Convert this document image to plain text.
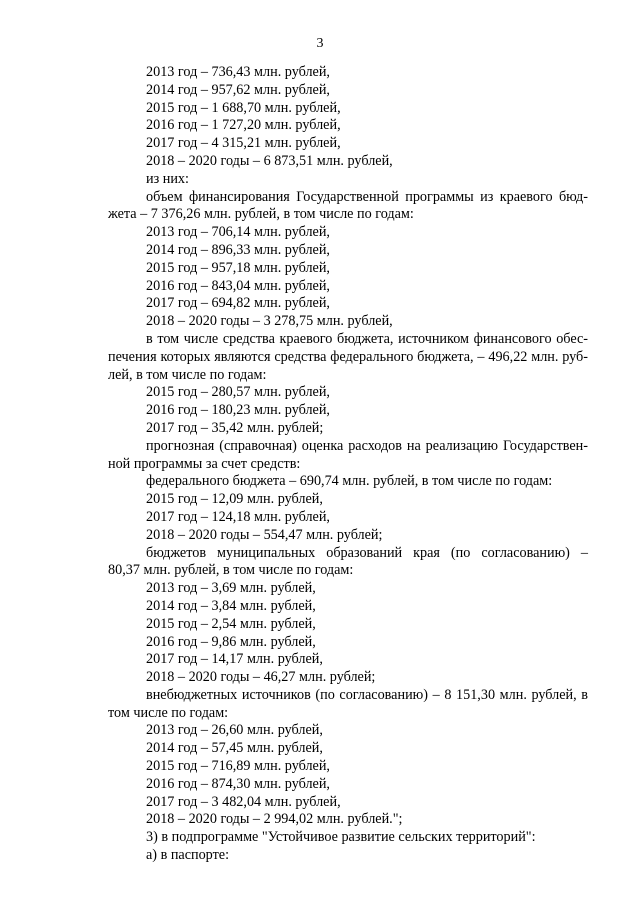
3
2013 год – 736,43 млн. рублей,
2014 год – 957,62 млн. рублей,
2015 год – 1 688,70 млн. рублей,
2016 год – 1 727,20 млн. рублей,
2017 год – 4 315,21 млн. рублей,
2018 – 2020 годы – 6 873,51 млн. рублей,
из них:
объем финансирования Государственной программы из краевого бюд-
жета – 7 376,26 млн. рублей, в том числе по годам:
2013 год – 706,14 млн. рублей,
2014 год – 896,33 млн. рублей,
2015 год – 957,18 млн. рублей,
2016 год – 843,04 млн. рублей,
2017 год – 694,82 млн. рублей,
2018 – 2020 годы – 3 278,75 млн. рублей,
в том числе средства краевого бюджета, источником финансового обес-
печения которых являются средства федерального бюджета, – 496,22 млн. руб-
лей, в том числе по годам:
2015 год – 280,57 млн. рублей,
2016 год – 180,23 млн. рублей,
2017 год – 35,42 млн. рублей;
прогнозная (справочная) оценка расходов на реализацию Государствен-
ной программы за счет средств:
федерального бюджета – 690,74 млн. рублей, в том числе по годам:
2015 год – 12,09 млн. рублей,
2017 год – 124,18 млн. рублей,
2018 – 2020 годы – 554,47 млн. рублей;
бюджетов муниципальных образований края (по согласованию) –
80,37 млн. рублей, в том числе по годам:
2013 год – 3,69 млн. рублей,
2014 год – 3,84 млн. рублей,
2015 год – 2,54 млн. рублей,
2016 год – 9,86 млн. рублей,
2017 год – 14,17 млн. рублей,
2018 – 2020 годы – 46,27 млн. рублей;
внебюджетных источников (по согласованию) – 8 151,30 млн. рублей, в
том числе по годам:
2013 год – 26,60 млн. рублей,
2014 год – 57,45 млн. рублей,
2015 год – 716,89 млн. рублей,
2016 год – 874,30 млн. рублей,
2017 год – 3 482,04 млн. рублей,
2018 – 2020 годы – 2 994,02 млн. рублей.";
3) в подпрограмме "Устойчивое развитие сельских территорий":
а) в паспорте:
